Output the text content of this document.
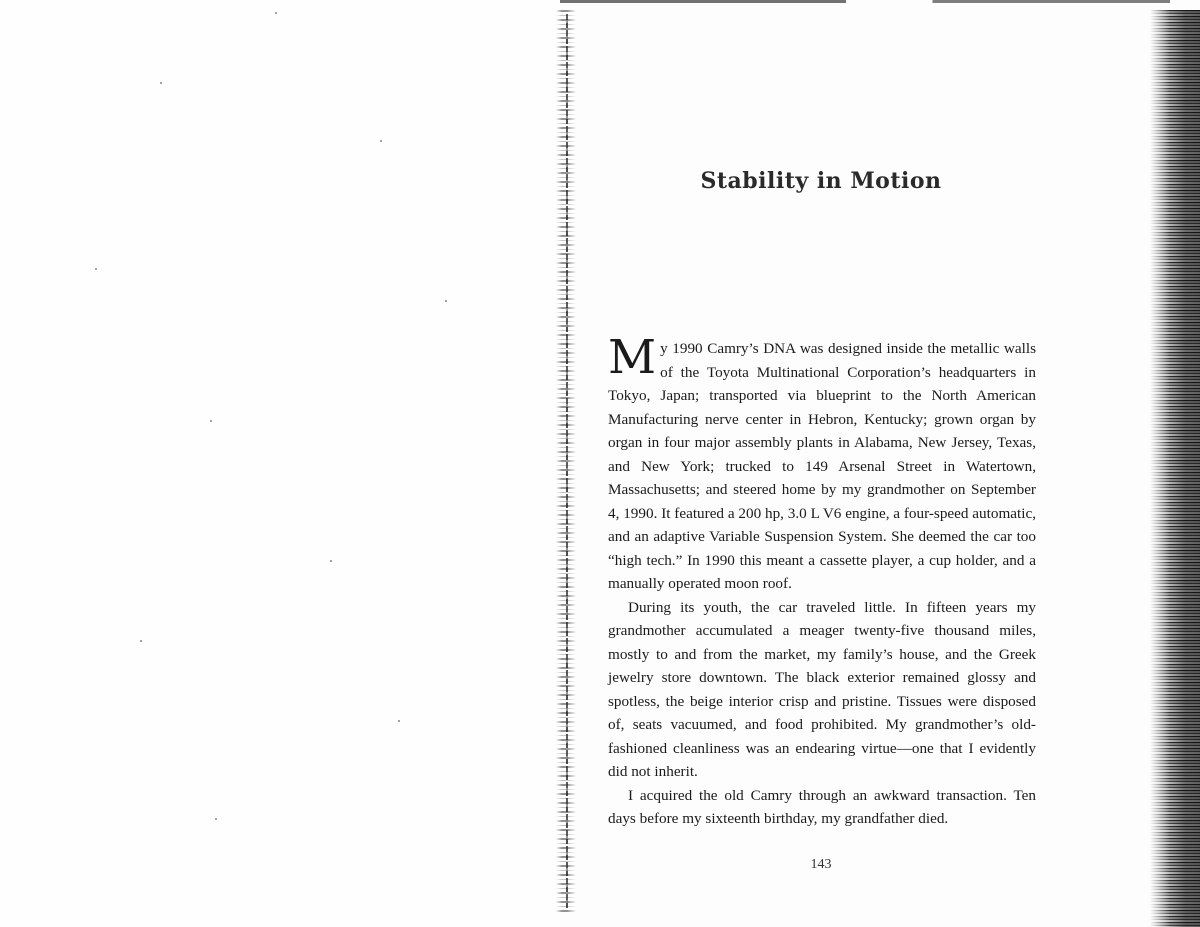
Stability in Motion

My 1990 Camry’s DNA was designed inside the metallic walls of the Toyota Multinational Corporation’s headquarters in Tokyo, Japan; transported via blueprint to the North American Manufacturing nerve center in Hebron, Kentucky; grown organ by organ in four major assembly plants in Alabama, New Jersey, Texas, and New York; trucked to 149 Arsenal Street in Watertown, Massachusetts; and steered home by my grandmother on September 4, 1990. It featured a 200 hp, 3.0 L V6 engine, a four-speed automatic, and an adaptive Variable Suspension System. She deemed the car too “high tech.” In 1990 this meant a cassette player, a cup holder, and a manually operated moon roof.

During its youth, the car traveled little. In fifteen years my grandmother accumulated a meager twenty-five thousand miles, mostly to and from the market, my family’s house, and the Greek jewelry store downtown. The black exterior remained glossy and spotless, the beige interior crisp and pristine. Tissues were disposed of, seats vacuumed, and food prohibited. My grandmother’s old-fashioned cleanliness was an endearing virtue—one that I evidently did not inherit.

I acquired the old Camry through an awkward transaction. Ten days before my sixteenth birthday, my grandfather died.

143
